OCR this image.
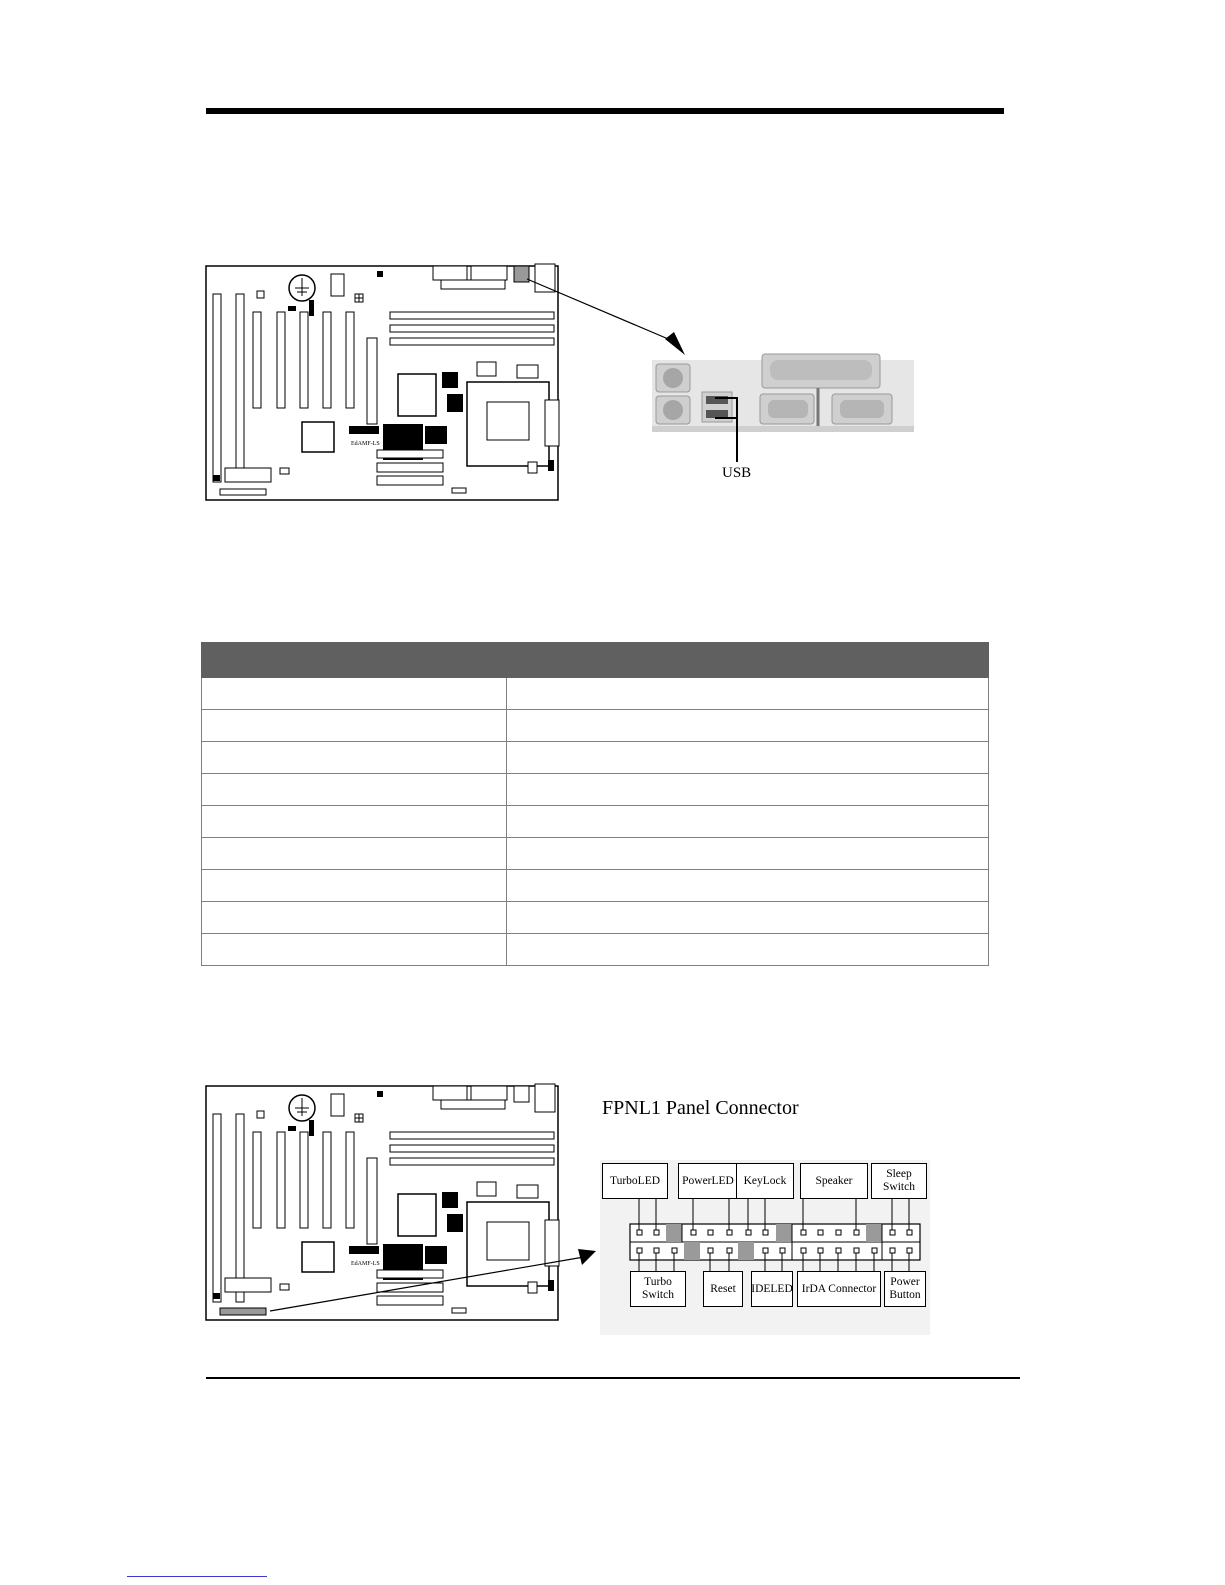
EdAMF-LS
USB

EdAMF-LS
FPNL1 Panel Connector
TurboLED	PowerLED KeyLock	Speaker
Sleep
Switch
Turbo
Switch
Reset	IDELED IrDA Connector
Power
Button
